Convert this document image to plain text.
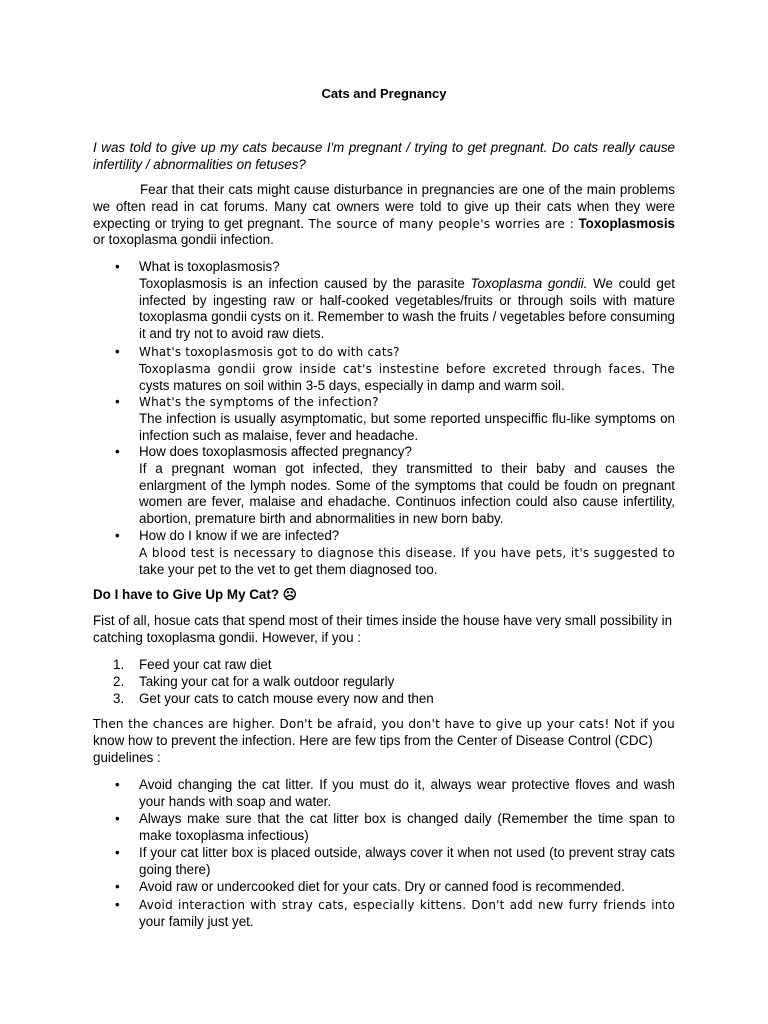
Cats and Pregnancy
I was told to give up my cats because I'm pregnant / trying to get pregnant. Do cats really cause infertility / abnormalities on fetuses?

Fear that their cats might cause disturbance in pregnancies are one of the main problems we often read in cat forums. Many cat owners were told to give up their cats when they were expecting or trying to get pregnant. The source of many people's worries are : Toxoplasmosis or toxoplasma gondii infection.

•	What is toxoplasmosis?
Toxoplasmosis is an infection caused by the parasite Toxoplasma gondii. We could get infected by ingesting raw or half-cooked vegetables/fruits or through soils with mature toxoplasma gondii cysts on it. Remember to wash the fruits / vegetables before consuming it and try not to avoid raw diets.
•	What's toxoplasmosis got to do with cats?
Toxoplasma gondii grow inside cat's instestine before excreted through faces. The
cysts matures on soil within 3-5 days, especially in damp and warm soil.
•	What's the symptoms of the infection?
The infection is usually asymptomatic, but some reported unspeciffic flu-like symptoms on infection such as malaise, fever and headache.
•	How does toxoplasmosis affected pregnancy?
If a pregnant woman got infected, they transmitted to their baby and causes the enlargment of the lymph nodes. Some of the symptoms that could be foudn on pregnant women are fever, malaise and ehadache. Continuos infection could also cause infertility, abortion, premature birth and abnormalities in new born baby.
•	How do I know if we are infected?
A blood test is necessary to diagnose this disease. If you have pets, it's suggested to
take your pet to the vet to get them diagnosed too.
Do I have to Give Up My Cat? ☹
Fist of all, hosue cats that spend most of their times inside the house have very small possibility in catching toxoplasma gondii. However, if you :
1. Feed your cat raw diet
2. Taking your cat for a walk outdoor regularly
3. Get your cats to catch mouse every now and then
Then the chances are higher. Don't be afraid, you don't have to give up your cats! Not if you
know how to prevent the infection. Here are few tips from the Center of Disease Control (CDC) guidelines :
•	Avoid changing the cat litter. If you must do it, always wear protective floves and wash your hands with soap and water.
•	Always make sure that the cat litter box is changed daily (Remember the time span to make toxoplasma infectious)
•	If your cat litter box is placed outside, always cover it when not used (to prevent stray cats going there)
•	Avoid raw or undercooked diet for your cats. Dry or canned food is recommended.
•	Avoid interaction with stray cats, especially kittens. Don't add new furry friends into
your family just yet.
